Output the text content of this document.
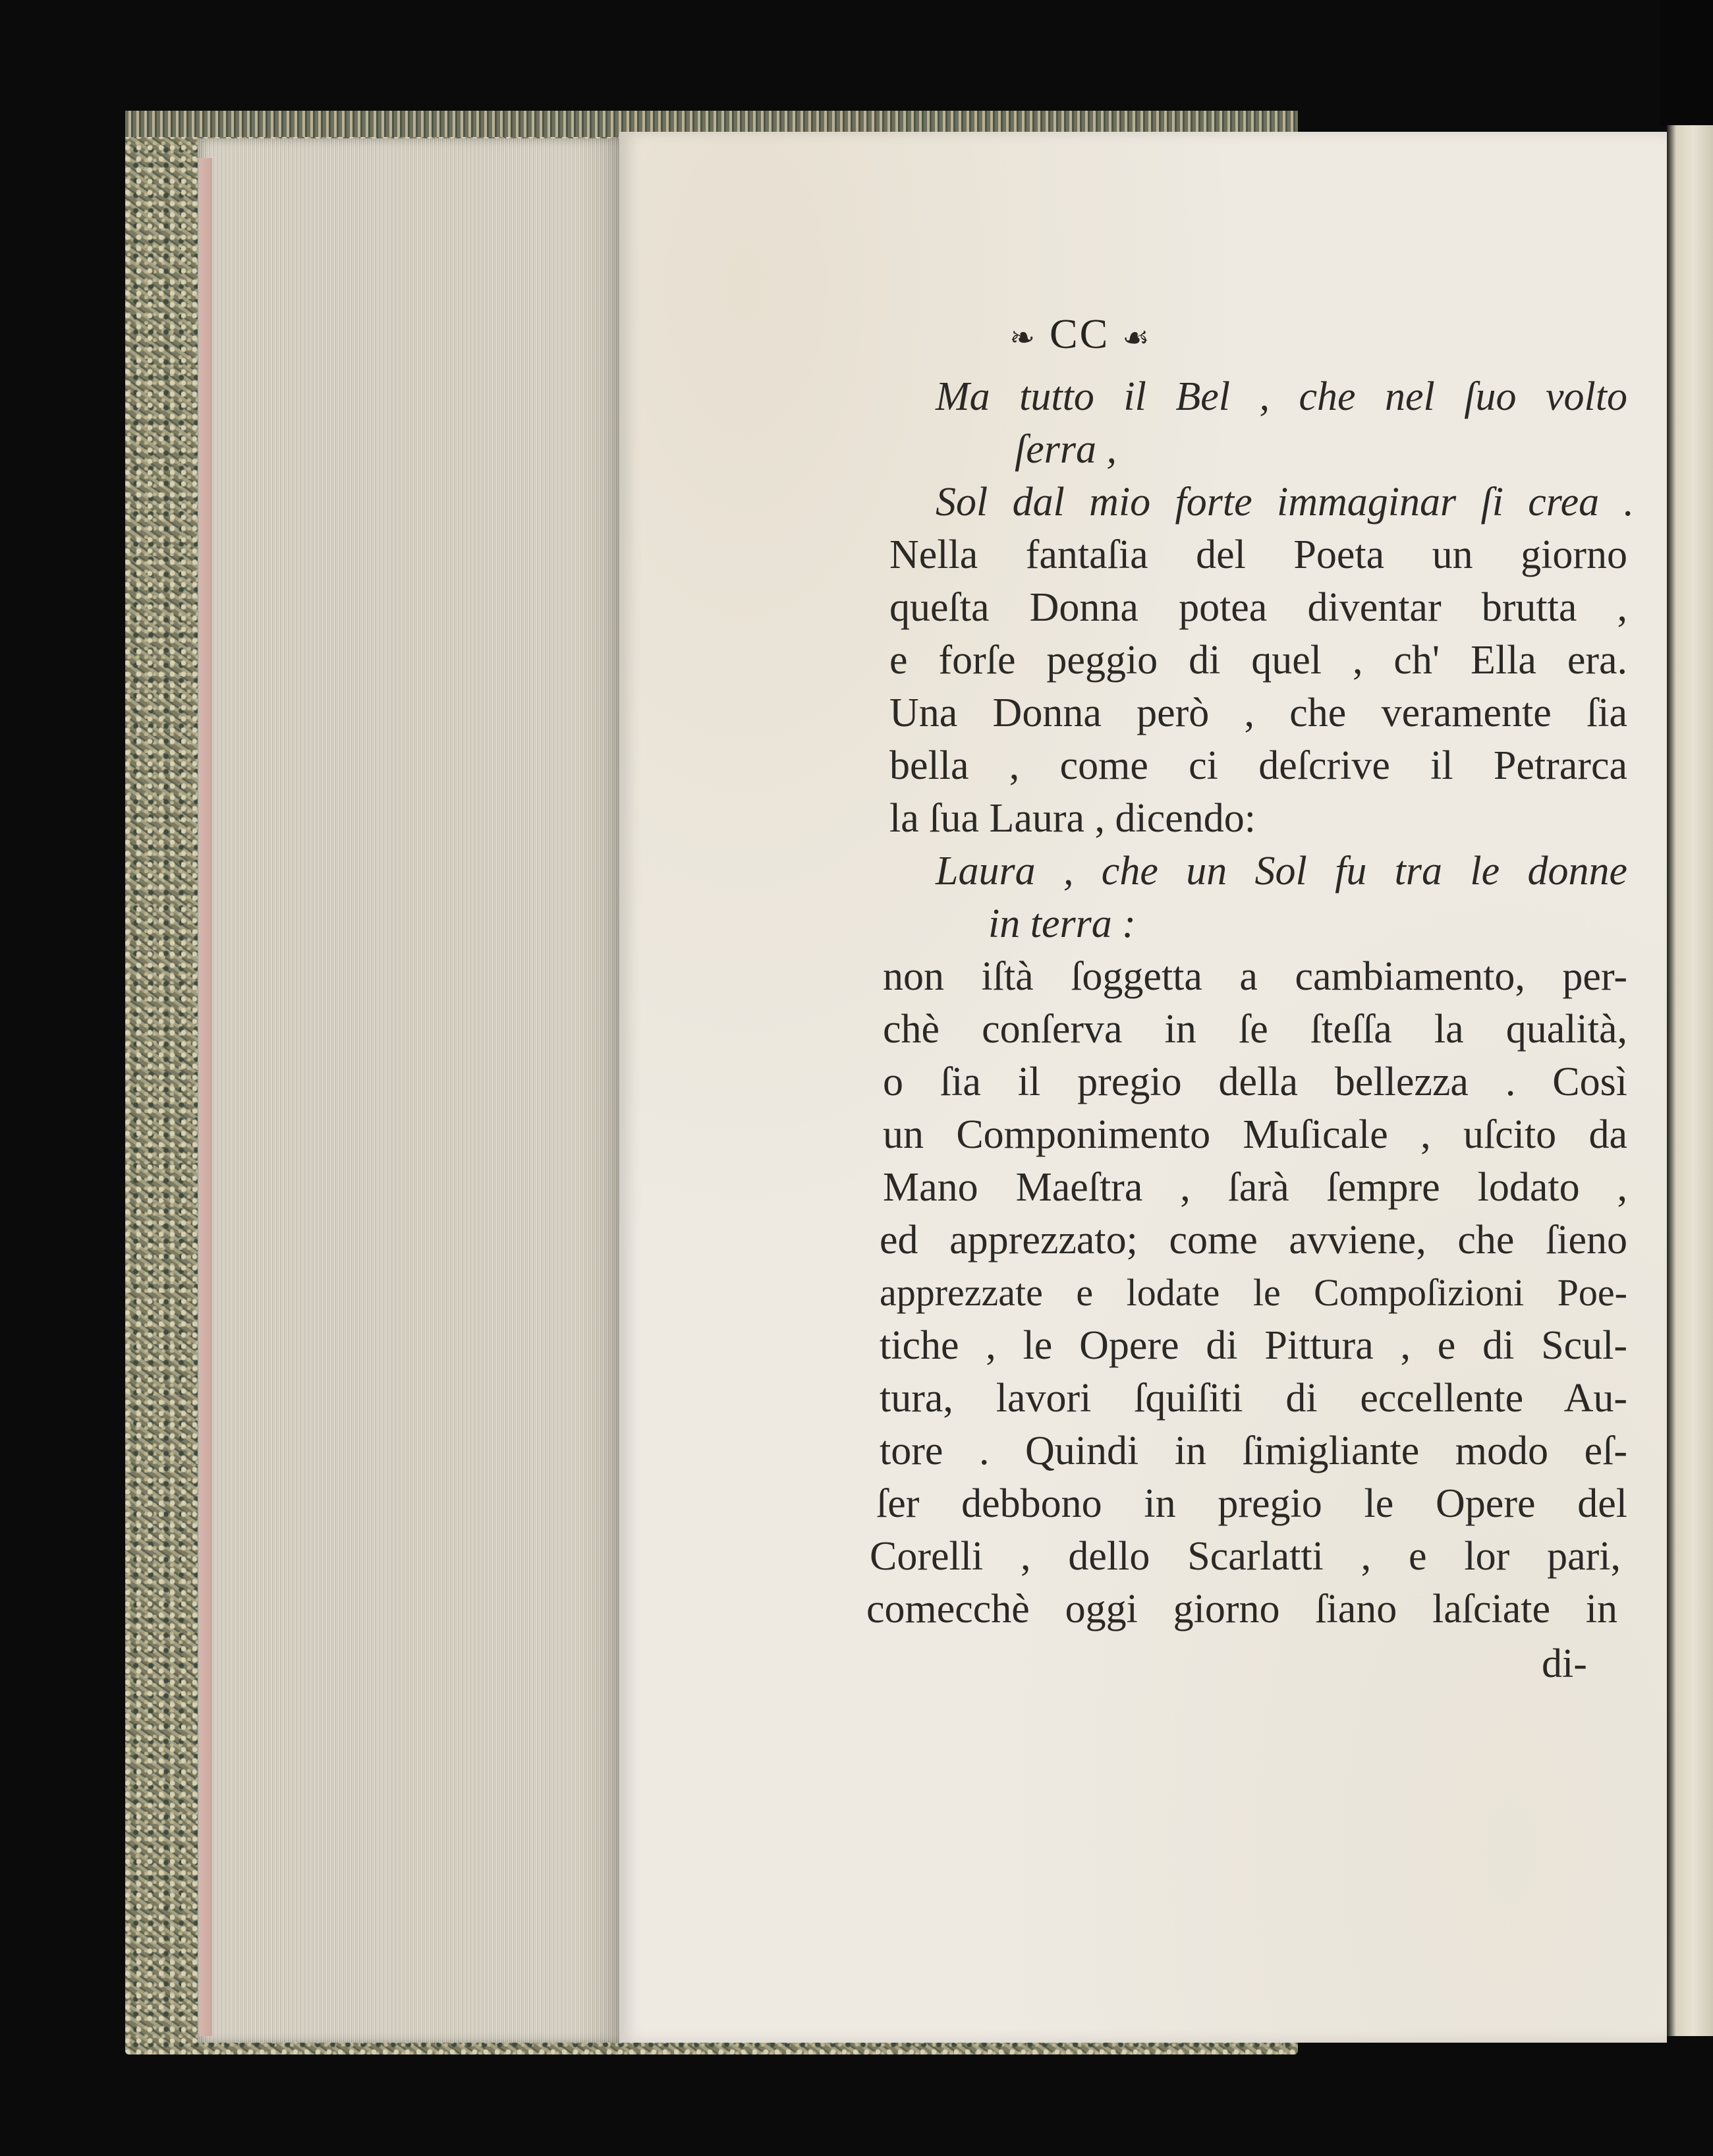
❧ CC ☙
Ma tutto il Bel , che nel ſuo volto
ſerra ,
Sol dal mio forte immaginar ſi crea .
Nella fantaſia del Poeta un giorno
queſta Donna potea diventar brutta ,
e forſe peggio di quel , ch' Ella era.
Una Donna però , che veramente ſia
bella , come ci deſcrive il Petrarca
la ſua Laura , dicendo:
Laura , che un Sol fu tra le donne
in terra :
non iſtà ſoggetta a cambiamento, per-
chè conſerva in ſe ſteſſa la qualità,
o ſia il pregio della bellezza . Così
un Componimento Muſicale , uſcito da
Mano Maeſtra , ſarà ſempre lodato ,
ed apprezzato; come avviene, che ſieno
apprezzate e lodate le Compoſizioni Poe-
tiche , le Opere di Pittura , e di Scul-
tura, lavori ſquiſiti di eccellente Au-
tore . Quindi in ſimigliante modo eſ-
ſer debbono in pregio le Opere del
Corelli , dello Scarlatti , e lor pari,
comecchè oggi giorno ſiano laſciate in
di-
